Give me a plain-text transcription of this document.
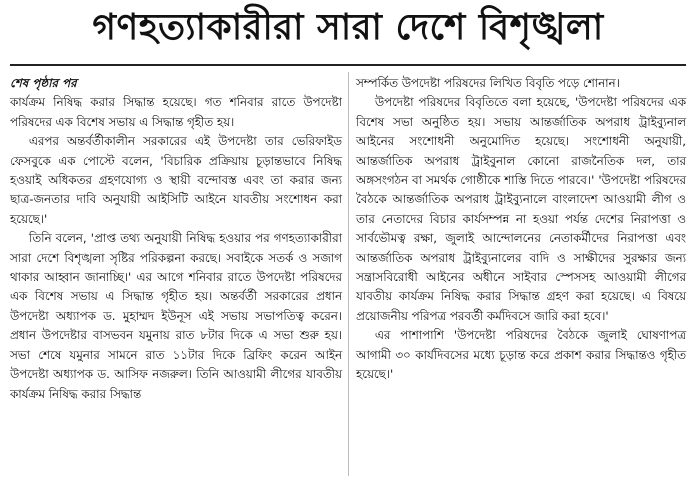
গণহত্যাকারীরা সারা দেশে বিশৃঙ্খলা
শেষ পৃষ্ঠার পর

কার্যক্রম নিষিদ্ধ করার সিদ্ধান্ত হয়েছে। গত শনিবার রাতে উপদেষ্টা পরিষদের এক বিশেষ সভায় এ সিদ্ধান্ত গৃহীত হয়।

এরপর অন্তর্বর্তীকালীন সরকারের এই উপদেষ্টা তার ভেরিফাইড ফেসবুকে এক পোস্টে বলেন, 'বিচারিক প্রক্রিয়ায় চূড়ান্তভাবে নিষিদ্ধ হওয়াই অধিকতর গ্রহণযোগ্য ও স্থায়ী বন্দোবস্ত এবং তা করার জন্য ছাত্র-জনতার দাবি অনুযায়ী আইসিটি আইনে যাবতীয় সংশোধন করা হয়েছে।'

তিনি বলেন, 'প্রাপ্ত তথ্য অনুযায়ী নিষিদ্ধ হওয়ার পর গণহত্যাকারীরা সারা দেশে বিশৃঙ্খলা সৃষ্টির পরিকল্পনা করছে। সবাইকে সতর্ক ও সজাগ থাকার আহ্বান জানাচ্ছি।' এর আগে শনিবার রাতে উপদেষ্টা পরিষদের এক বিশেষ সভায় এ সিদ্ধান্ত গৃহীত হয়। অন্তর্বর্তী সরকারের প্রধান উপদেষ্টা অধ্যাপক ড. মুহাম্মদ ইউনূস এই সভায় সভাপতিত্ব করেন। প্রধান উপদেষ্টার বাসভবন যমুনায় রাত ৮টার দিকে এ সভা শুরু হয়। সভা শেষে যমুনার সামনে রাত ১১টার দিকে ব্রিফিং করেন আইন উপদেষ্টা অধ্যাপক ড. আসিফ নজরুল। তিনি আওয়ামী লীগের যাবতীয় কার্যক্রম নিষিদ্ধ করার সিদ্ধান্ত

সম্পর্কিত উপদেষ্টা পরিষদের লিখিত বিবৃতি পড়ে শোনান।

উপদেষ্টা পরিষদের বিবৃতিতে বলা হয়েছে, 'উপদেষ্টা পরিষদের এক বিশেষ সভা অনুষ্ঠিত হয়। সভায় আন্তর্জাতিক অপরাধ ট্রাইব্যুনাল আইনের সংশোধনী অনুমোদিত হয়েছে। সংশোধনী অনুযায়ী, আন্তর্জাতিক অপরাধ ট্রাইবুনাল কোনো রাজনৈতিক দল, তার অঙ্গসংগঠন বা সমর্থক গোষ্ঠীকে শাস্তি দিতে পারবে।' 'উপদেষ্টা পরিষদের বৈঠকে আন্তর্জাতিক অপরাধ ট্রাইব্যুনালে বাংলাদেশ আওয়ামী লীগ ও তার নেতাদের বিচার কার্যসম্পন্ন না হওয়া পর্যন্ত দেশের নিরাপত্তা ও সার্বভৌমত্ব রক্ষা, জুলাই আন্দোলনের নেতাকর্মীদের নিরাপত্তা এবং আন্তর্জাতিক অপরাধ ট্রাইব্যুনালের বাদি ও সাক্ষীদের সুরক্ষার জন্য সন্ত্রাসবিরোধী আইনের অধীনে সাইবার স্পেসসহ আওয়ামী লীগের যাবতীয় কার্যক্রম নিষিদ্ধ করার সিদ্ধান্ত গ্রহণ করা হয়েছে। এ বিষয়ে প্রয়োজনীয় পরিপত্র পরবর্তী কর্মদিবসে জারি করা হবে।'

এর পাশাপাশি 'উপদেষ্টা পরিষদের বৈঠকে জুলাই ঘোষণাপত্র আগামী ৩০ কার্যদিবসের মধ্যে চূড়ান্ত করে প্রকাশ করার সিদ্ধান্তও গৃহীত হয়েছে।'
